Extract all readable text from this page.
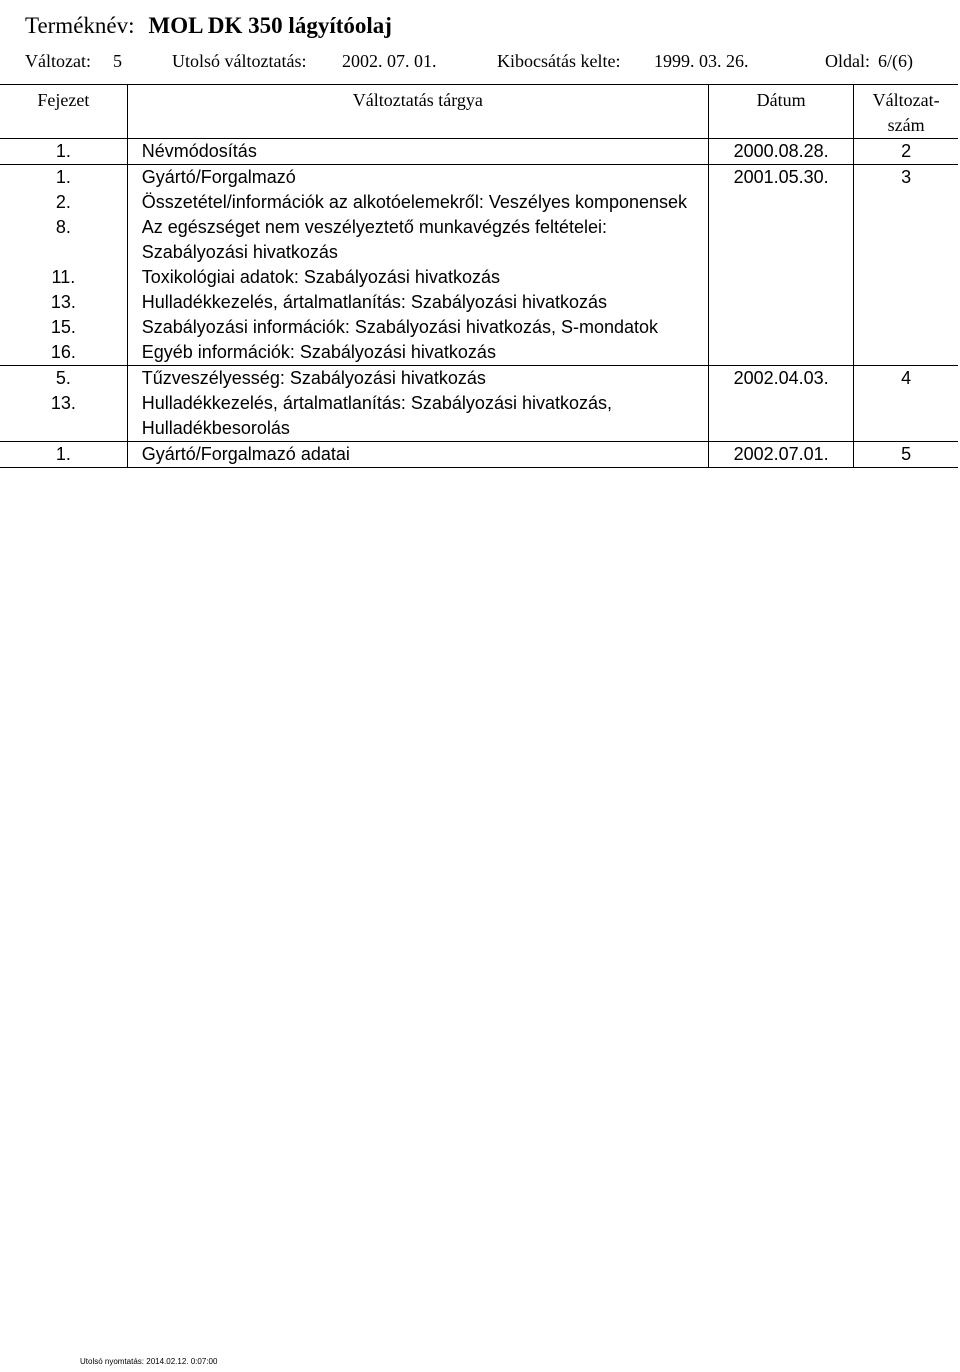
Terméknév: MOL DK 350 lágyítóolaj
Változat: 5	Utolsó változtatás: 2002. 07. 01.	Kibocsátás kelte: 1999. 03. 26.	Oldal: 6/(6)
Fejezet	Változtatás tárgya	Dátum	Változat-
szám
1.	Névmódosítás	2000.08.28.	2
1.	Gyártó/Forgalmazó	2001.05.30.	3
2.	Összetétel/információk az alkotóelemekről: Veszélyes komponensek		
8.	Az egészséget nem veszélyeztető munkavégzés feltételei: Szabályozási hivatkozás		
11.	Toxikológiai adatok: Szabályozási hivatkozás		
13.	Hulladékkezelés, ártalmatlanítás: Szabályozási hivatkozás		
15.	Szabályozási információk: Szabályozási hivatkozás, S-mondatok		
16.	Egyéb információk: Szabályozási hivatkozás		
5.	Tűzveszélyesség: Szabályozási hivatkozás	2002.04.03.	4
13.	Hulladékkezelés, ártalmatlanítás: Szabályozási hivatkozás, Hulladékbesorolás		
1.	Gyártó/Forgalmazó adatai	2002.07.01.	5
Utolsó nyomtatás: 2014.02.12. 0:07:00
